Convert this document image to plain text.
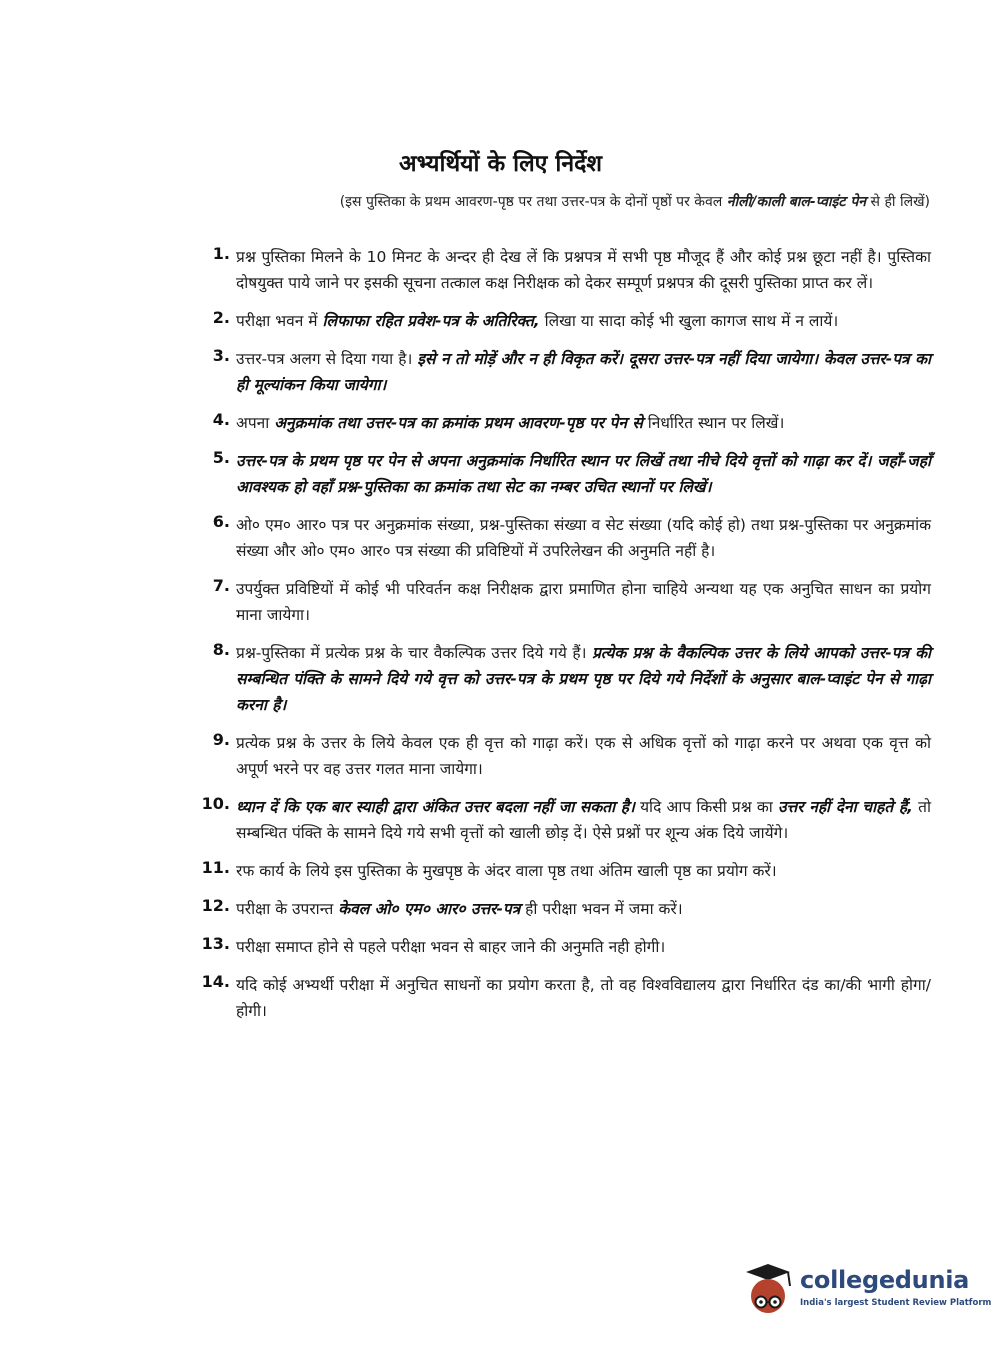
अभ्यर्थियों के लिए निर्देश
(इस पुस्तिका के प्रथम आवरण-पृष्ठ पर तथा उत्तर-पत्र के दोनों पृष्ठों पर केवल नीली/काली बाल-प्वाइंट पेन से ही लिखें)
1. प्रश्न पुस्तिका मिलने के 10 मिनट के अन्दर ही देख लें कि प्रश्नपत्र में सभी पृष्ठ मौजूद हैं और कोई प्रश्न छूटा नहीं है। पुस्तिका दोषयुक्त पाये जाने पर इसकी सूचना तत्काल कक्ष निरीक्षक को देकर सम्पूर्ण प्रश्नपत्र की दूसरी पुस्तिका प्राप्त कर लें।
2. परीक्षा भवन में लिफाफा रहित प्रवेश-पत्र के अतिरिक्त, लिखा या सादा कोई भी खुला कागज साथ में न लायें।
3. उत्तर-पत्र अलग से दिया गया है। इसे न तो मोड़ें और न ही विकृत करें। दूसरा उत्तर-पत्र नहीं दिया जायेगा। केवल उत्तर-पत्र का ही मूल्यांकन किया जायेगा।
4. अपना अनुक्रमांक तथा उत्तर-पत्र का क्रमांक प्रथम आवरण-पृष्ठ पर पेन से निर्धारित स्थान पर लिखें।
5. उत्तर-पत्र के प्रथम पृष्ठ पर पेन से अपना अनुक्रमांक निर्धारित स्थान पर लिखें तथा नीचे दिये वृत्तों को गाढ़ा कर दें। जहाँ-जहाँ आवश्यक हो वहाँ प्रश्न-पुस्तिका का क्रमांक तथा सेट का नम्बर उचित स्थानों पर लिखें।
6. ओ० एम० आर० पत्र पर अनुक्रमांक संख्या, प्रश्न-पुस्तिका संख्या व सेट संख्या (यदि कोई हो) तथा प्रश्न-पुस्तिका पर अनुक्रमांक संख्या और ओ० एम० आर० पत्र संख्या की प्रविष्टियों में उपरिलेखन की अनुमति नहीं है।
7. उपर्युक्त प्रविष्टियों में कोई भी परिवर्तन कक्ष निरीक्षक द्वारा प्रमाणित होना चाहिये अन्यथा यह एक अनुचित साधन का प्रयोग माना जायेगा।
8. प्रश्न-पुस्तिका में प्रत्येक प्रश्न के चार वैकल्पिक उत्तर दिये गये हैं। प्रत्येक प्रश्न के वैकल्पिक उत्तर के लिये आपको उत्तर-पत्र की सम्बन्धित पंक्ति के सामने दिये गये वृत्त को उत्तर-पत्र के प्रथम पृष्ठ पर दिये गये निर्देशों के अनुसार बाल-प्वाइंट पेन से गाढ़ा करना है।
9. प्रत्येक प्रश्न के उत्तर के लिये केवल एक ही वृत्त को गाढ़ा करें। एक से अधिक वृत्तों को गाढ़ा करने पर अथवा एक वृत्त को अपूर्ण भरने पर वह उत्तर गलत माना जायेगा।
10. ध्यान दें कि एक बार स्याही द्वारा अंकित उत्तर बदला नहीं जा सकता है। यदि आप किसी प्रश्न का उत्तर नहीं देना चाहते हैं, तो सम्बन्धित पंक्ति के सामने दिये गये सभी वृत्तों को खाली छोड़ दें। ऐसे प्रश्नों पर शून्य अंक दिये जायेंगे।
11. रफ कार्य के लिये इस पुस्तिका के मुखपृष्ठ के अंदर वाला पृष्ठ तथा अंतिम खाली पृष्ठ का प्रयोग करें।
12. परीक्षा के उपरान्त केवल ओ० एम० आर० उत्तर-पत्र ही परीक्षा भवन में जमा करें।
13. परीक्षा समाप्त होने से पहले परीक्षा भवन से बाहर जाने की अनुमति नही होगी।
14. यदि कोई अभ्यर्थी परीक्षा में अनुचित साधनों का प्रयोग करता है, तो वह विश्वविद्यालय द्वारा निर्धारित दंड का/की भागी होगा/होगी।
collegedunia
India's largest Student Review Platform
